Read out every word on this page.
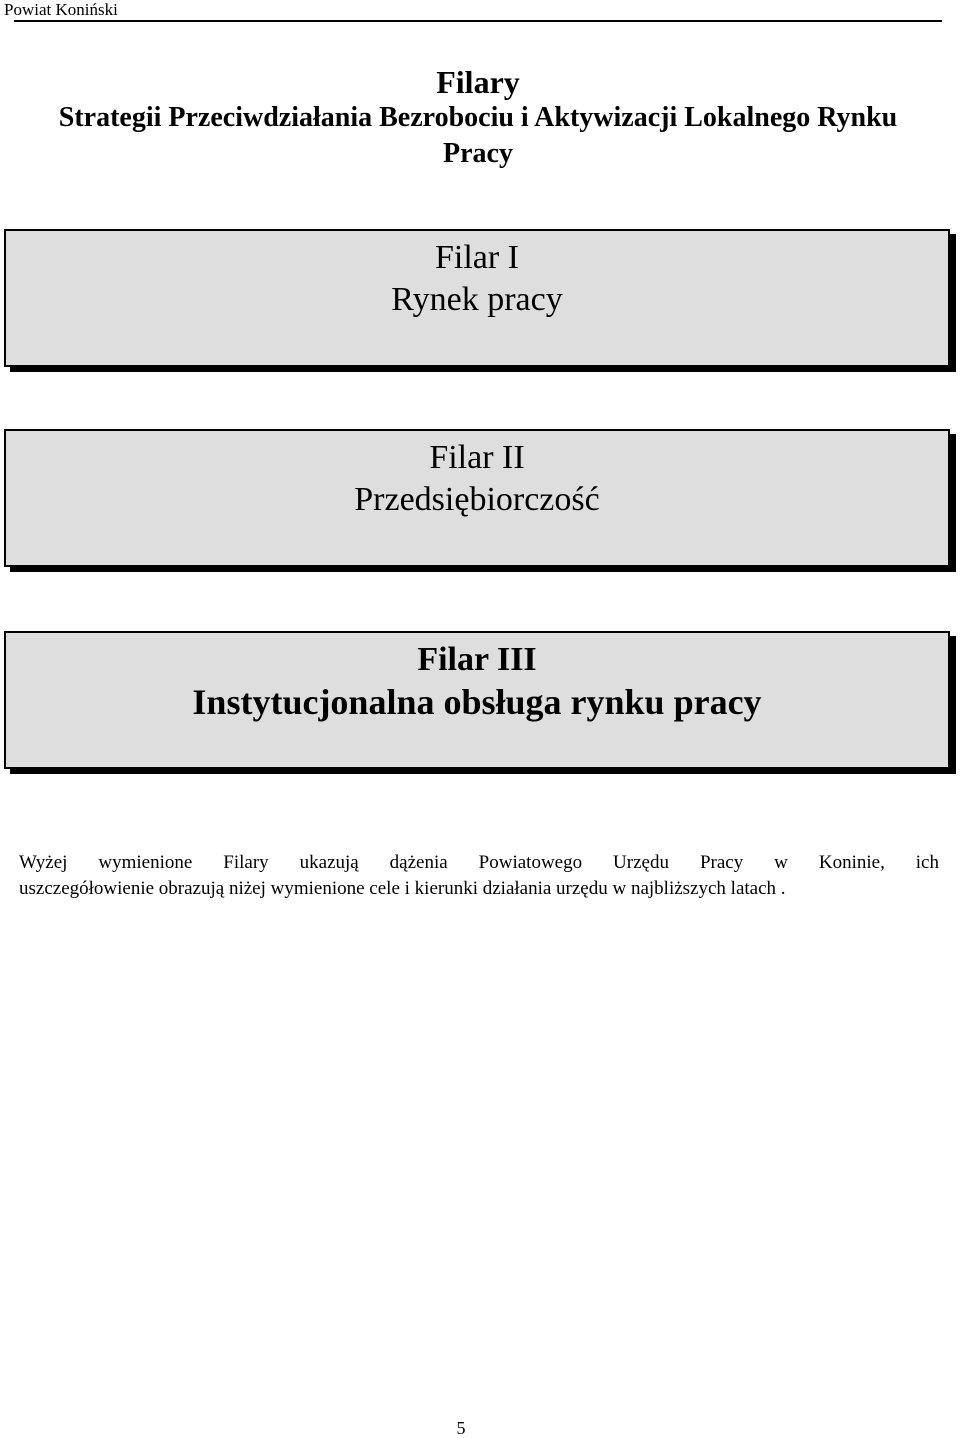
Powiat Koniński
Filary
Strategii Przeciwdziałania Bezrobociu i Aktywizacji Lokalnego Rynku
Pracy
Filar I
Rynek pracy
Filar II
Przedsiębiorczość
Filar III
Instytucjonalna obsługa rynku pracy
Wyżej wymienione Filary ukazują dążenia Powiatowego Urzędu Pracy w Koninie, ich
uszczegółowienie obrazują niżej wymienione cele i kierunki działania urzędu w najbliższych latach .
5
